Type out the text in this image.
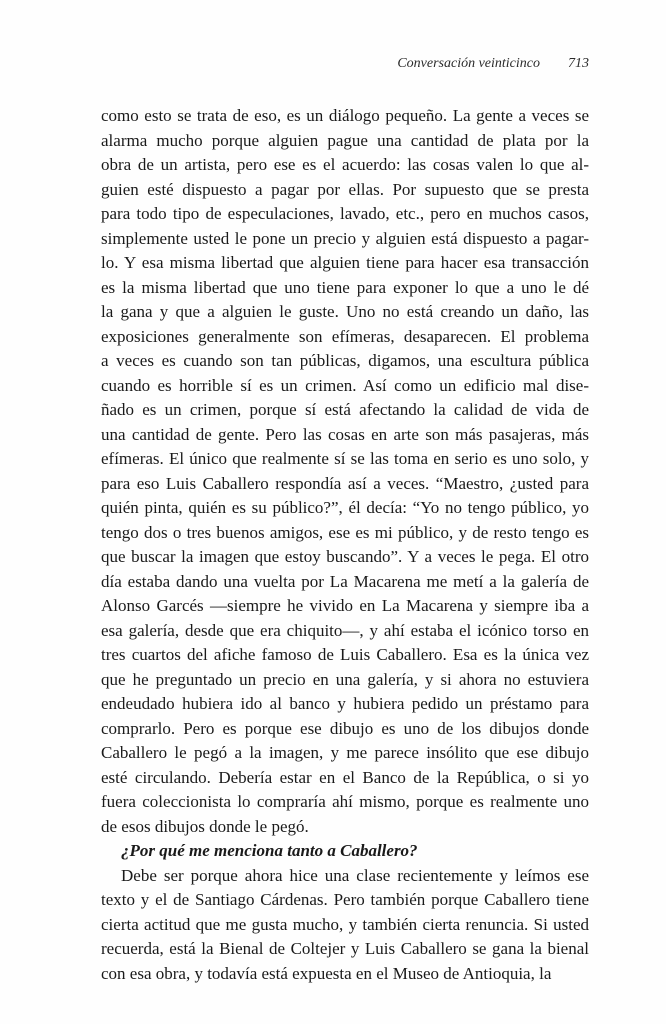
Conversación veinticinco 713
como esto se trata de eso, es un diálogo pequeño. La gente a veces se
alarma mucho porque alguien pague una cantidad de plata por la
obra de un artista, pero ese es el acuerdo: las cosas valen lo que al-
guien esté dispuesto a pagar por ellas. Por supuesto que se presta
para todo tipo de especulaciones, lavado, etc., pero en muchos casos,
simplemente usted le pone un precio y alguien está dispuesto a pagar-
lo. Y esa misma libertad que alguien tiene para hacer esa transacción
es la misma libertad que uno tiene para exponer lo que a uno le dé
la gana y que a alguien le guste. Uno no está creando un daño, las
exposiciones generalmente son efímeras, desaparecen. El problema
a veces es cuando son tan públicas, digamos, una escultura pública
cuando es horrible sí es un crimen. Así como un edificio mal dise-
ñado es un crimen, porque sí está afectando la calidad de vida de
una cantidad de gente. Pero las cosas en arte son más pasajeras, más
efímeras. El único que realmente sí se las toma en serio es uno solo, y
para eso Luis Caballero respondía así a veces. “Maestro, ¿usted para
quién pinta, quién es su público?”, él decía: “Yo no tengo público, yo
tengo dos o tres buenos amigos, ese es mi público, y de resto tengo es
que buscar la imagen que estoy buscando”. Y a veces le pega. El otro
día estaba dando una vuelta por La Macarena me metí a la galería de
Alonso Garcés —siempre he vivido en La Macarena y siempre iba a
esa galería, desde que era chiquito—, y ahí estaba el icónico torso en
tres cuartos del afiche famoso de Luis Caballero. Esa es la única vez
que he preguntado un precio en una galería, y si ahora no estuviera
endeudado hubiera ido al banco y hubiera pedido un préstamo para
comprarlo. Pero es porque ese dibujo es uno de los dibujos donde
Caballero le pegó a la imagen, y me parece insólito que ese dibujo
esté circulando. Debería estar en el Banco de la República, o si yo
fuera coleccionista lo compraría ahí mismo, porque es realmente uno
de esos dibujos donde le pegó.
¿Por qué me menciona tanto a Caballero?
Debe ser porque ahora hice una clase recientemente y leímos ese
texto y el de Santiago Cárdenas. Pero también porque Caballero tiene
cierta actitud que me gusta mucho, y también cierta renuncia. Si usted
recuerda, está la Bienal de Coltejer y Luis Caballero se gana la bienal
con esa obra, y todavía está expuesta en el Museo de Antioquia, la
